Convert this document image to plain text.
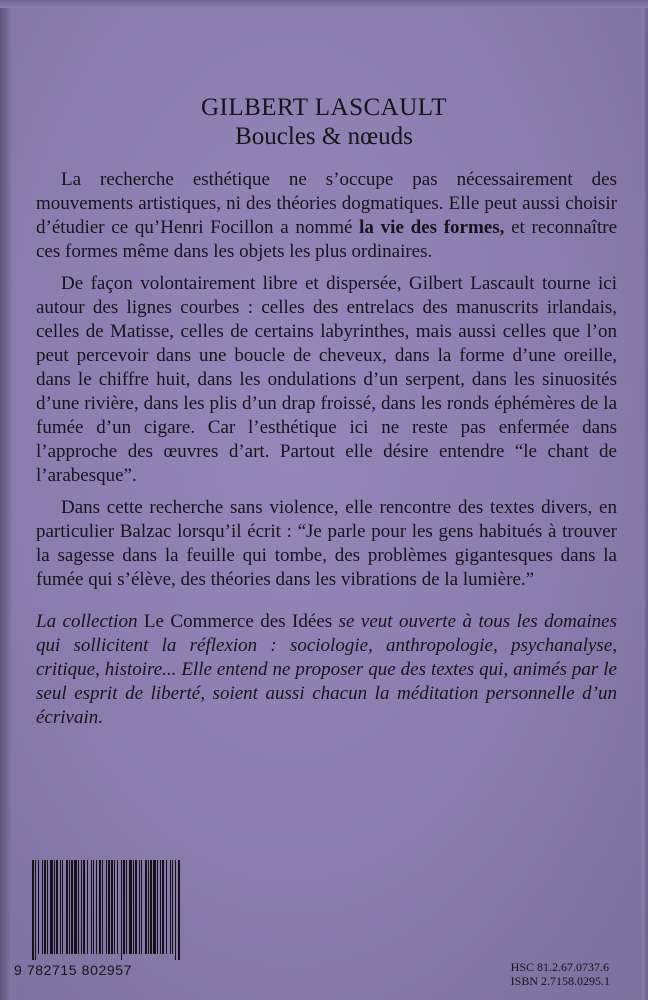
GILBERT LASCAULT
Boucles & nœuds

La recherche esthétique ne s’occupe pas nécessairement des mouvements artistiques, ni des théories dogmatiques. Elle peut aussi choisir d’étudier ce qu’Henri Focillon a nommé la vie des formes, et reconnaître ces formes même dans les objets les plus ordinaires.

De façon volontairement libre et dispersée, Gilbert Lascault tourne ici autour des lignes courbes : celles des entrelacs des manuscrits irlandais, celles de Matisse, celles de certains labyrinthes, mais aussi celles que l’on peut percevoir dans une boucle de cheveux, dans la forme d’une oreille, dans le chiffre huit, dans les ondulations d’un serpent, dans les sinuosités d’une rivière, dans les plis d’un drap froissé, dans les ronds éphémères de la fumée d’un cigare. Car l’esthétique ici ne reste pas enfermée dans l’approche des œuvres d’art. Partout elle désire entendre “le chant de l’arabesque”.

Dans cette recherche sans violence, elle rencontre des textes divers, en particulier Balzac lorsqu’il écrit : “Je parle pour les gens habitués à trouver la sagesse dans la feuille qui tombe, des problèmes gigantesques dans la fumée qui s’élève, des théories dans les vibrations de la lumière.”

La collection Le Commerce des Idées se veut ouverte à tous les domaines qui sollicitent la réflexion : sociologie, anthropologie, psychanalyse, critique, histoire... Elle entend ne proposer que des textes qui, animés par le seul esprit de liberté, soient aussi chacun la méditation personnelle d’un écrivain.

9 782715 802957	HSC 81.2.67.0737.6
ISBN 2.7158.0295.1
